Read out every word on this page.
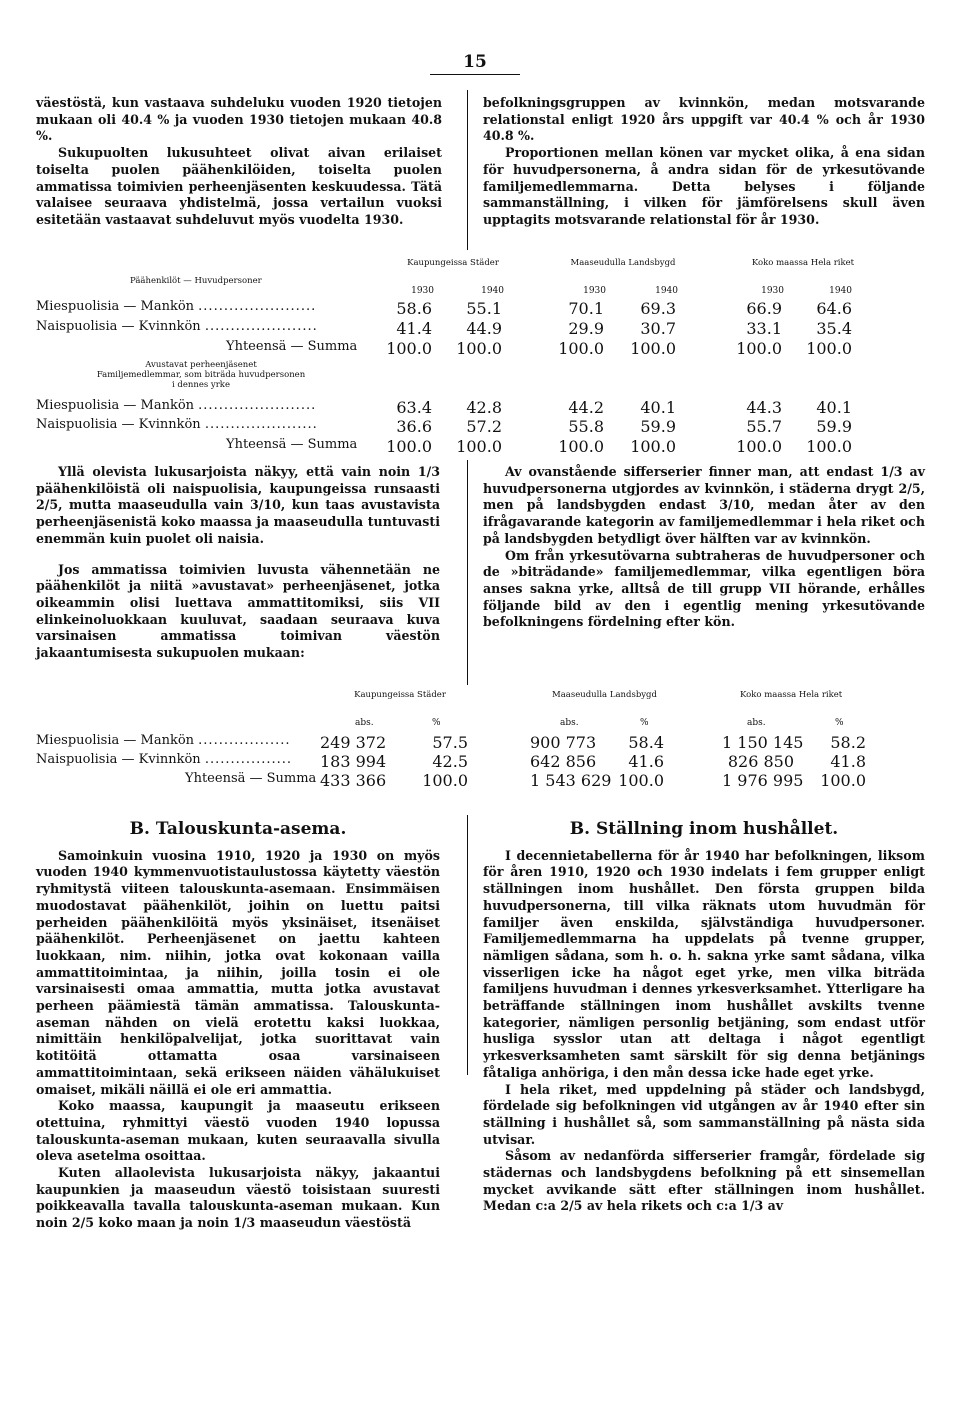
15

väestöstä, kun vastaava suhdeluku vuoden 1920 tietojen mukaan oli 40.4 % ja vuoden 1930 tietojen mukaan 40.8 %.

Sukupuolten lukusuhteet olivat aivan erilaiset toiselta puolen päähenkilöiden, toiselta puolen ammatissa toimivien perheenjäsenten keskuudessa. Tätä valaisee seuraava yhdistelmä, jossa vertailun vuoksi esitetään vastaavat suhdeluvut myös vuodelta 1930.

befolkningsgruppen av kvinnkön, medan motsvarande relationstal enligt 1920 års uppgift var 40.4 % och år 1930 40.8 %.

Proportionen mellan könen var mycket olika, å ena sidan för huvudpersonerna, å andra sidan för de yrkesutövande familjemedlemmarna. Detta belyses i följande sammanställning, i vilken för jämförelsens skull även upptagits motsvarande relationstal för år 1930.

Kaupungeissa Städer	Maaseudulla Landsbygd	Koko maassa Hela riket
Päähenkilöt — Huvudpersoner
1930	1940	1930	1940	1930	1940
Miespuolisia — Mankön .......................	58.6	55.1	70.1	69.3	66.9	64.6
Naispuolisia — Kvinnkön ......................	41.4	44.9	29.9	30.7	33.1	35.4
Yhteensä — Summa	100.0	100.0	100.0	100.0	100.0	100.0
Avustavat perheenjäsenet
Familjemedlemmar, som biträda huvudpersonen
i dennes yrke
Miespuolisia — Mankön .......................	63.4	42.8	44.2	40.1	44.3	40.1
Naispuolisia — Kvinnkön ......................	36.6	57.2	55.8	59.9	55.7	59.9
Yhteensä — Summa	100.0	100.0	100.0	100.0	100.0	100.0

Yllä olevista lukusarjoista näkyy, että vain noin 1/3 päähenkilöistä oli naispuolisia, kaupungeissa runsaasti 2/5, mutta maaseudulla vain 3/10, kun taas avustavista perheenjäsenistä koko maassa ja maaseudulla tuntuvasti enemmän kuin puolet oli naisia.

Jos ammatissa toimivien luvusta vähennetään ne päähenkilöt ja niitä »avustavat» perheenjäsenet, jotka oikeammin olisi luettava ammattitomiksi, siis VII elinkeinoluokkaan kuuluvat, saadaan seuraava kuva varsinaisen ammatissa toimivan väestön jakaantumisesta sukupuolen mukaan:

Av ovanstående sifferserier finner man, att endast 1/3 av huvudpersonerna utgjordes av kvinnkön, i städerna drygt 2/5, men på landsbygden endast 3/10, medan åter av den ifrågavarande kategorin av familjemedlemmar i hela riket och på landsbygden betydligt över hälften var av kvinnkön.

Om från yrkesutövarna subtraheras de huvudpersoner och de »biträdande» familjemedlemmar, vilka egentligen böra anses sakna yrke, alltså de till grupp VII hörande, erhålles följande bild av den i egentlig mening yrkesutövande befolkningens fördelning efter kön.

Kaupungeissa Städer	Maaseudulla Landsbygd	Koko maassa Hela riket
abs.	%	abs.	%	abs.	%
Miespuolisia — Mankön .................. 249 372	57.5	900 773	58.4	1 150 145	58.2
Naispuolisia — Kvinnkön ................. 183 994	42.5	642 856	41.6	826 850	41.8
Yhteensä — Summa 433 366 100.0	1 543 629 100.0	1 976 995 100.0
B. Talouskunta-asema.

Samoinkuin vuosina 1910, 1920 ja 1930 on myös vuoden 1940 kymmenvuotistaulustossa käytetty väestön ryhmitystä viiteen talouskunta-asemaan. Ensimmäisen muodostavat päähenkilöt, joihin on luettu paitsi perheiden päähenkilöitä myös yksinäiset, itsenäiset päähenkilöt. Perheenjäsenet on jaettu kahteen luokkaan, nim. niihin, jotka ovat kokonaan vailla ammattitoimintaa, ja niihin, joilla tosin ei ole varsinaisesti omaa ammattia, mutta jotka avustavat perheen päämiestä tämän ammatissa. Talouskunta-aseman nähden on vielä erotettu kaksi luokkaa, nimittäin henkilöpalvelijat, jotka suorittavat vain kotitöitä ottamatta osaa varsinaiseen ammattitoimintaan, sekä erikseen näiden vähälukuiset omaiset, mikäli näillä ei ole eri ammattia.

Koko maassa, kaupungit ja maaseutu erikseen otettuina, ryhmittyi väestö vuoden 1940 lopussa talouskunta-aseman mukaan, kuten seuraavalla sivulla oleva asetelma osoittaa.

Kuten allaolevista lukusarjoista näkyy, jakaantui kaupunkien ja maaseudun väestö toisistaan suuresti poikkeavalla tavalla talouskunta-aseman mukaan. Kun noin 2/5 koko maan ja noin 1/3 maaseudun väestöstä

B. Ställning inom hushållet.

I decennietabellerna för år 1940 har befolkningen, liksom för åren 1910, 1920 och 1930 indelats i fem grupper enligt ställningen inom hushållet. Den första gruppen bilda huvudpersonerna, till vilka räknats utom huvudmän för familjer även enskilda, självständiga huvudpersoner. Familjemedlemmarna ha uppdelats på tvenne grupper, nämligen sådana, som h. o. h. sakna yrke samt sådana, vilka visserligen icke ha något eget yrke, men vilka biträda familjens huvudman i dennes yrkesverksamhet. Ytterligare ha beträffande ställningen inom hushållet avskilts tvenne kategorier, nämligen personlig betjäning, som endast utför husliga sysslor utan att deltaga i något egentligt yrkesverksamheten samt särskilt för sig denna betjänings fåtaliga anhöriga, i den mån dessa icke hade eget yrke.

I hela riket, med uppdelning på städer och landsbygd, fördelade sig befolkningen vid utgången av år 1940 efter sin ställning i hushållet så, som sammanställning på nästa sida utvisar.

Såsom av nedanförda sifferserier framgår, fördelade sig städernas och landsbygdens befolkning på ett sinsemellan mycket avvikande sätt efter ställningen inom hushållet. Medan c:a 2/5 av hela rikets och c:a 1/3 av
